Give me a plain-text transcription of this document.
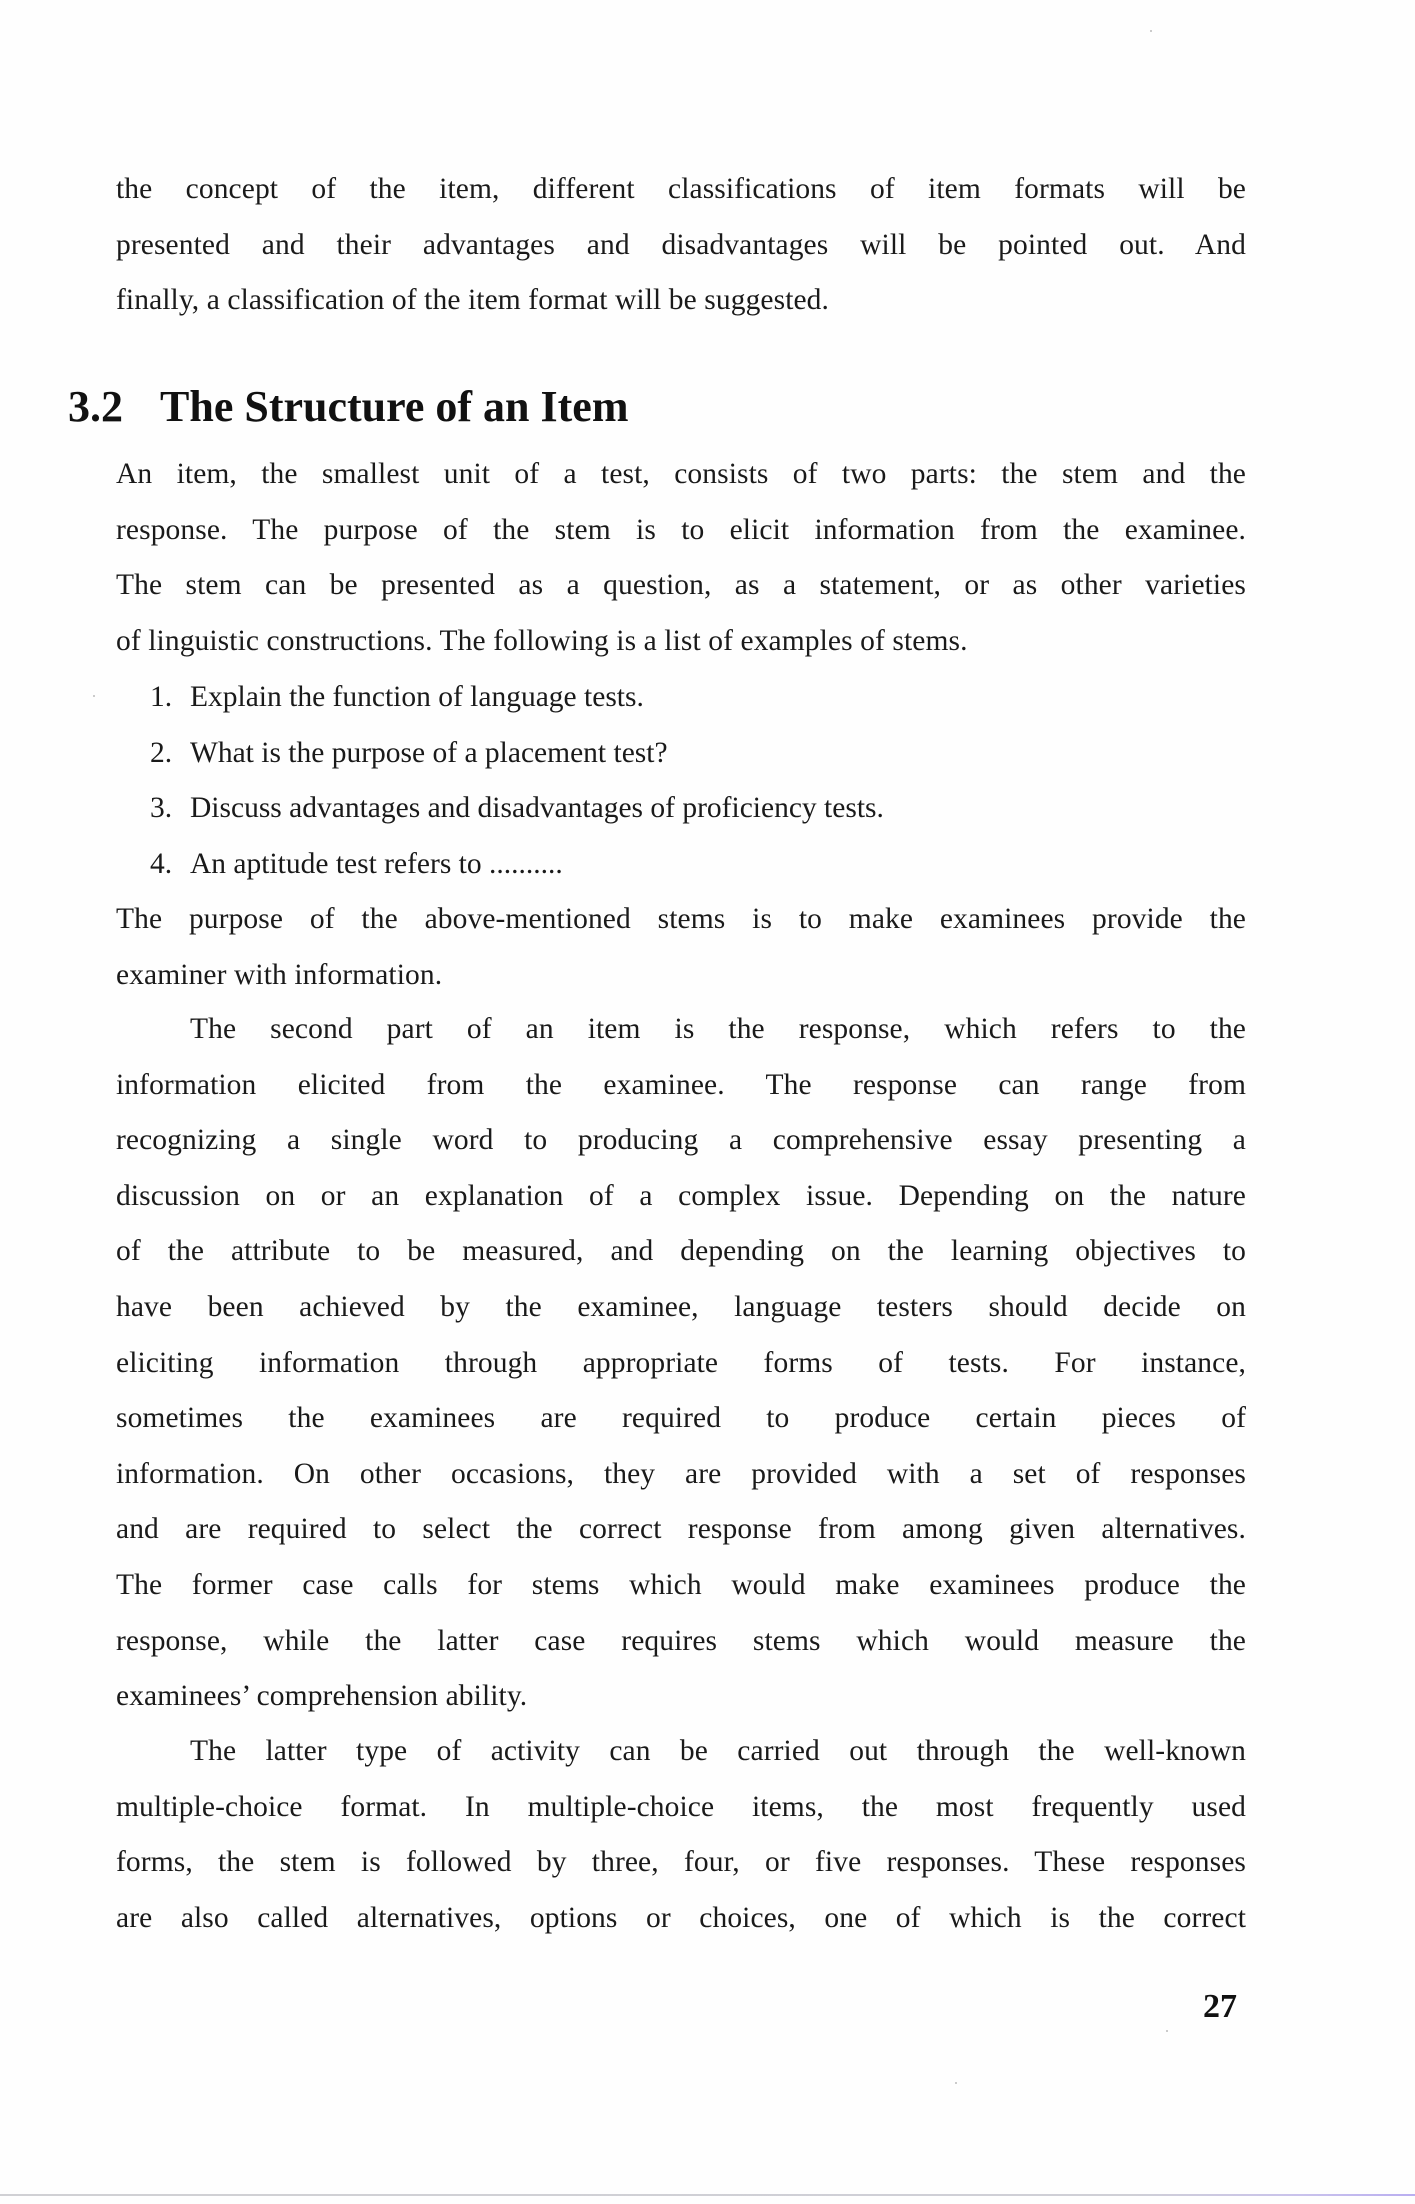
the concept of the item, different classifications of item formats will be
presented and their advantages and disadvantages will be pointed out. And
finally, a classification of the item format will be suggested.
3.2 The Structure of an Item
An item, the smallest unit of a test, consists of two parts: the stem and the
response. The purpose of the stem is to elicit information from the examinee.
The stem can be presented as a question, as a statement, or as other varieties
of linguistic constructions. The following is a list of examples of stems.
1. Explain the function of language tests.
2. What is the purpose of a placement test?
3. Discuss advantages and disadvantages of proficiency tests.
4. An aptitude test refers to ..........
The purpose of the above-mentioned stems is to make examinees provide the
examiner with information.
The second part of an item is the response, which refers to the
information elicited from the examinee. The response can range from
recognizing a single word to producing a comprehensive essay presenting a
discussion on or an explanation of a complex issue. Depending on the nature
of the attribute to be measured, and depending on the learning objectives to
have been achieved by the examinee, language testers should decide on
eliciting information through appropriate forms of tests. For instance,
sometimes the examinees are required to produce certain pieces of
information. On other occasions, they are provided with a set of responses
and are required to select the correct response from among given alternatives.
The former case calls for stems which would make examinees produce the
response, while the latter case requires stems which would measure the
examinees’ comprehension ability.
The latter type of activity can be carried out through the well-known
multiple-choice format. In multiple-choice items, the most frequently used
forms, the stem is followed by three, four, or five responses. These responses
are also called alternatives, options or choices, one of which is the correct
27
